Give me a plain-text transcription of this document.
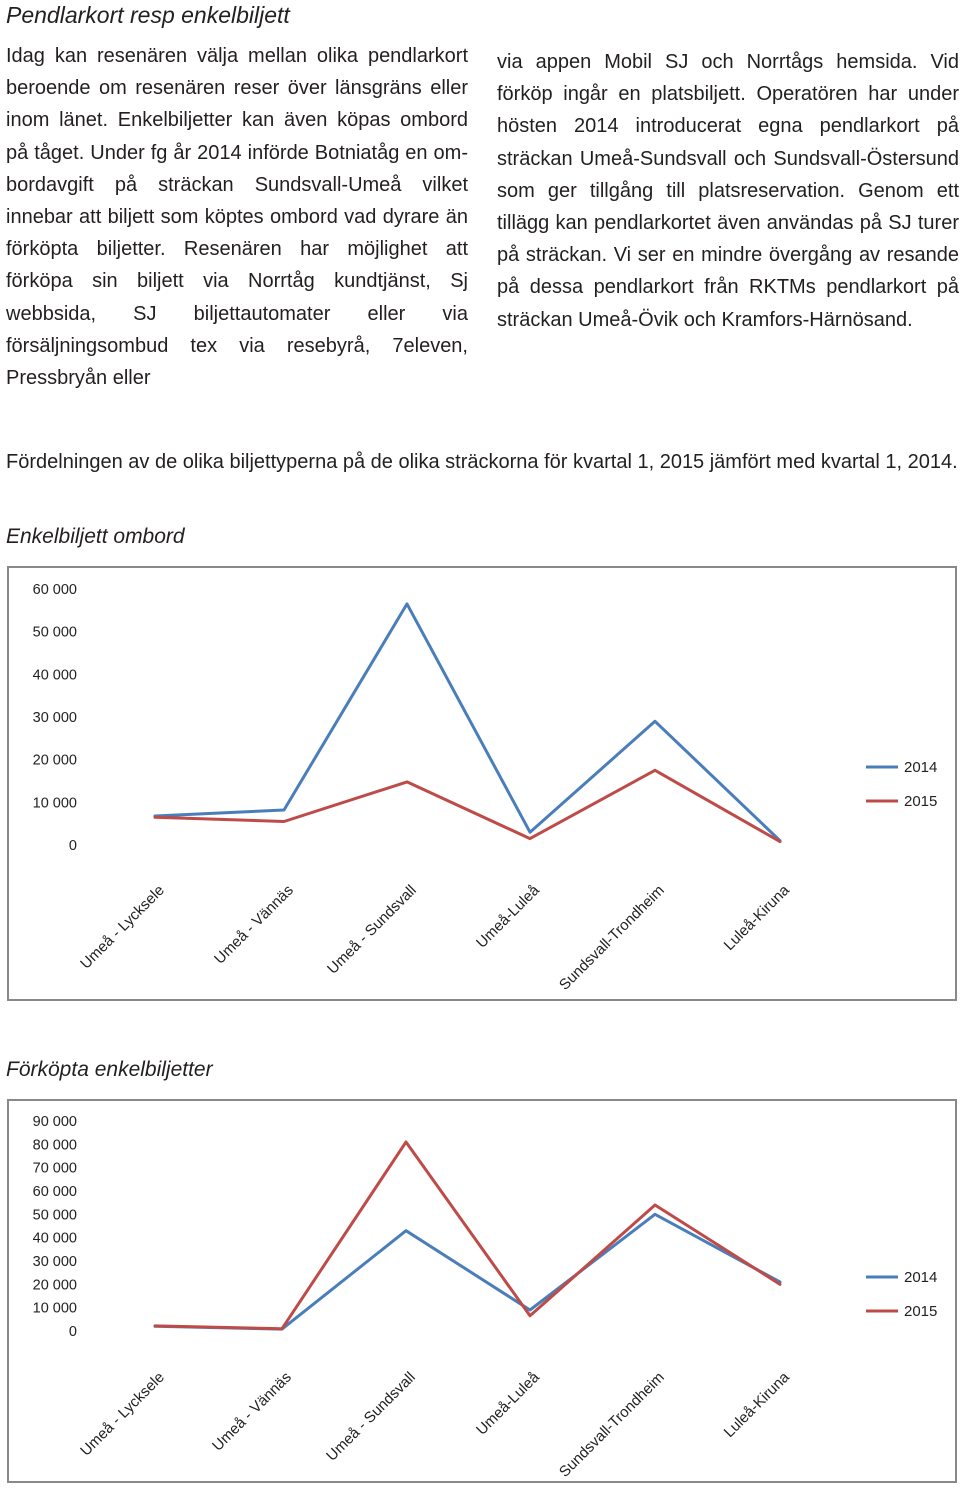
Pendlarkort resp enkelbiljett

Idag kan resenären välja mellan olika pendlarkort beroende om resenären reser över länsgräns eller inom länet. Enkelbiljetter kan även köpas ombord på tåget. Under fg år 2014 införde Botniatåg en ombordavgift på sträckan Sundsvall-Umeå vilket innebar att biljett som köptes ombord vad dyrare än förköpta biljetter. Resenären har möjlighet att förköpa sin biljett via Norrtåg kundtjänst, Sj webbsida, SJ biljettautomater eller via försäljningsombud tex via resebyrå, 7eleven, Pressbryån eller

via appen Mobil SJ och Norrtågs hemsida. Vid förköp ingår en platsbiljett. Operatören har under hösten 2014 introducerat egna pendlarkort på sträckan Umeå-Sundsvall och Sundsvall-Östersund som ger tillgång till platsreservation. Genom ett tillägg kan pendlarkortet även användas på SJ turer på sträckan. Vi ser en mindre övergång av resande på dessa pendlarkort från RKTMs pendlarkort på sträckan Umeå-Övik och Kramfors-Härnösand.

Fördelningen av de olika biljettyperna på de olika sträckorna för kvartal 1, 2015 jämfört med kvartal 1, 2014.

Enkelbiljett ombord

0
10 000
20 000
30 000
40 000
50 000
60 000
Umeå - Lycksele	Umeå - Vännäs Umeå - Sundsvall	Umeå-Luleå Sundsvall-Trondheim	Luleå-Kiruna
2014
2015

Förköpta enkelbiljetter

0
10 000
20 000
30 000
40 000
50 000
60 000
70 000
80 000
90 000
Umeå - Lycksele	Umeå - Vännäs Umeå - Sundsvall	Umeå-Luleå Sundsvall-Trondheim	Luleå-Kiruna
2014
2015
